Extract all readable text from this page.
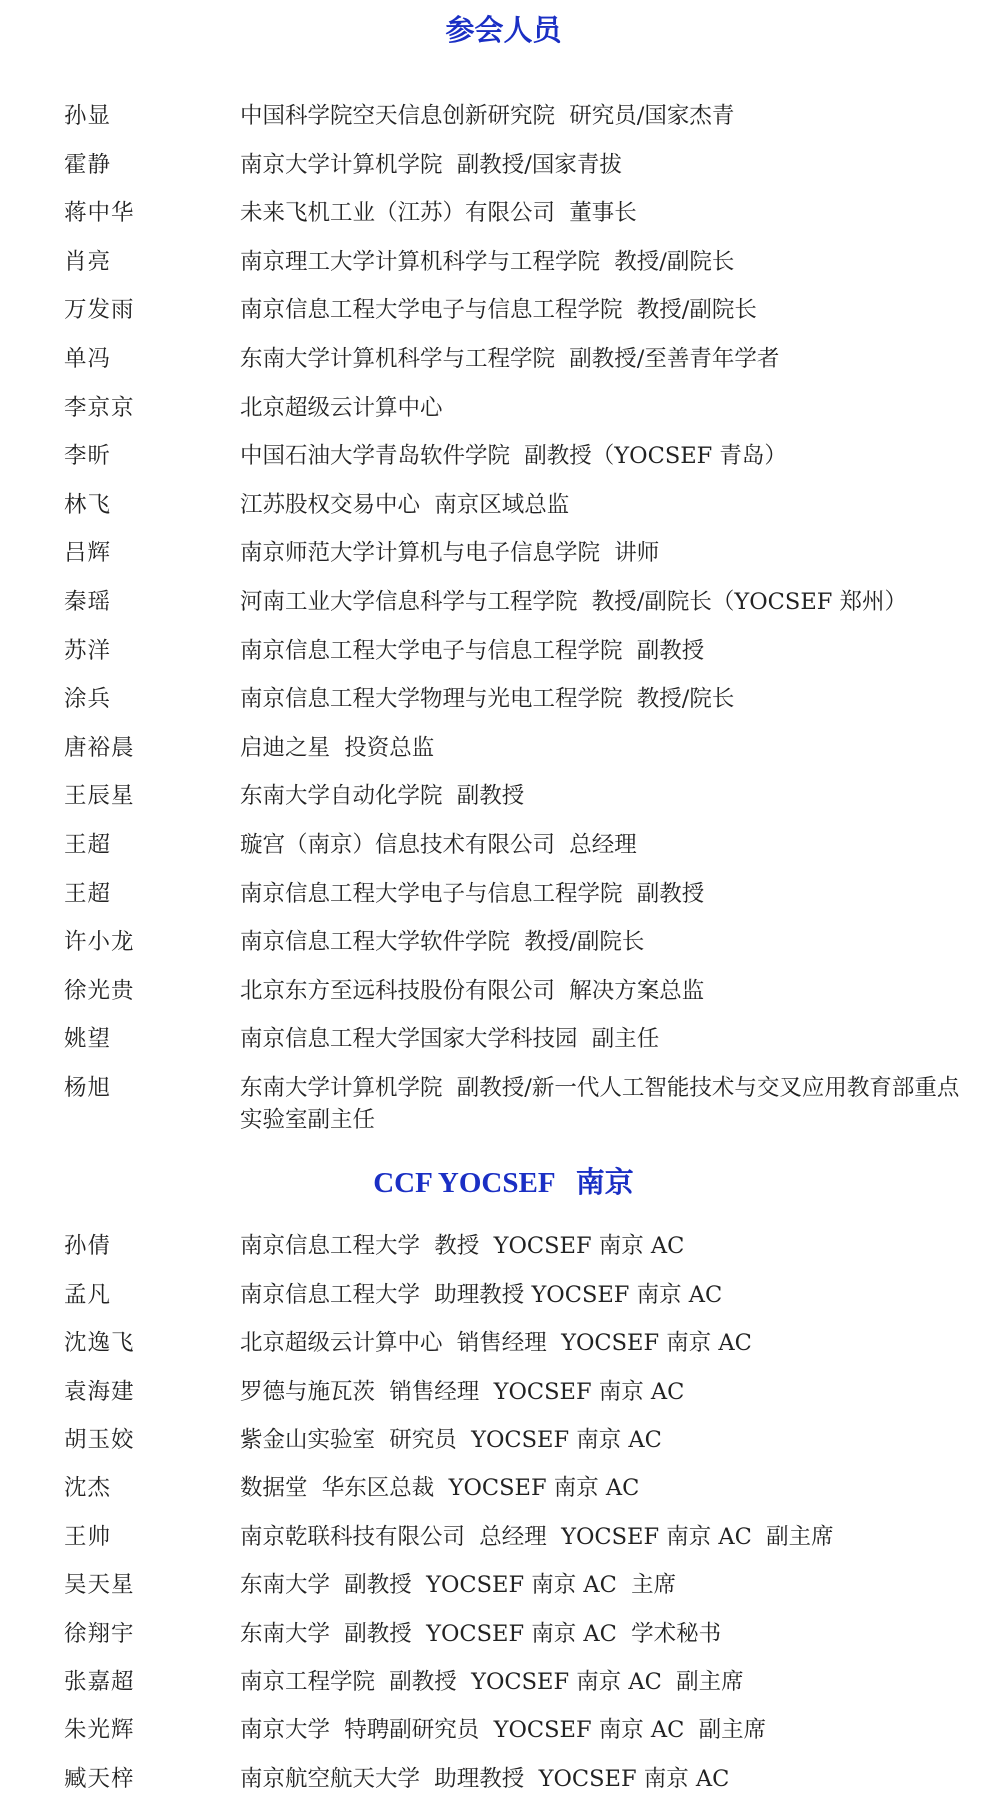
参会人员
孙显	中国科学院空天信息创新研究院  研究员/国家杰青
霍静	南京大学计算机学院  副教授/国家青拔
蒋中华	未来飞机工业（江苏）有限公司  董事长
肖亮	南京理工大学计算机科学与工程学院  教授/副院长
万发雨	南京信息工程大学电子与信息工程学院  教授/副院长
单冯	东南大学计算机科学与工程学院  副教授/至善青年学者
李京京	北京超级云计算中心
李昕	中国石油大学青岛软件学院  副教授（YOCSEF 青岛）
林飞	江苏股权交易中心  南京区域总监
吕辉	南京师范大学计算机与电子信息学院  讲师
秦瑶	河南工业大学信息科学与工程学院  教授/副院长（YOCSEF 郑州）
苏洋	南京信息工程大学电子与信息工程学院  副教授
涂兵	南京信息工程大学物理与光电工程学院  教授/院长
唐裕晨	启迪之星  投资总监
王辰星	东南大学自动化学院  副教授
王超	璇宫（南京）信息技术有限公司  总经理
王超	南京信息工程大学电子与信息工程学院  副教授
许小龙	南京信息工程大学软件学院  教授/副院长
徐光贵	北京东方至远科技股份有限公司  解决方案总监
姚望	南京信息工程大学国家大学科技园  副主任
杨旭	东南大学计算机学院  副教授/新一代人工智能技术与交叉应用教育部重点实验室副主任
CCF YOCSEF 南京
孙倩	南京信息工程大学  教授  YOCSEF 南京 AC
孟凡	南京信息工程大学  助理教授 YOCSEF 南京 AC
沈逸飞	北京超级云计算中心  销售经理  YOCSEF 南京 AC
袁海建	罗德与施瓦茨  销售经理  YOCSEF 南京 AC
胡玉姣	紫金山实验室  研究员  YOCSEF 南京 AC
沈杰	数据堂  华东区总裁  YOCSEF 南京 AC
王帅	南京乾联科技有限公司  总经理  YOCSEF 南京 AC  副主席
吴天星	东南大学  副教授  YOCSEF 南京 AC  主席
徐翔宇	东南大学  副教授  YOCSEF 南京 AC  学术秘书
张嘉超	南京工程学院  副教授  YOCSEF 南京 AC  副主席
朱光辉	南京大学  特聘副研究员  YOCSEF 南京 AC  副主席
臧天梓	南京航空航天大学  助理教授  YOCSEF 南京 AC
